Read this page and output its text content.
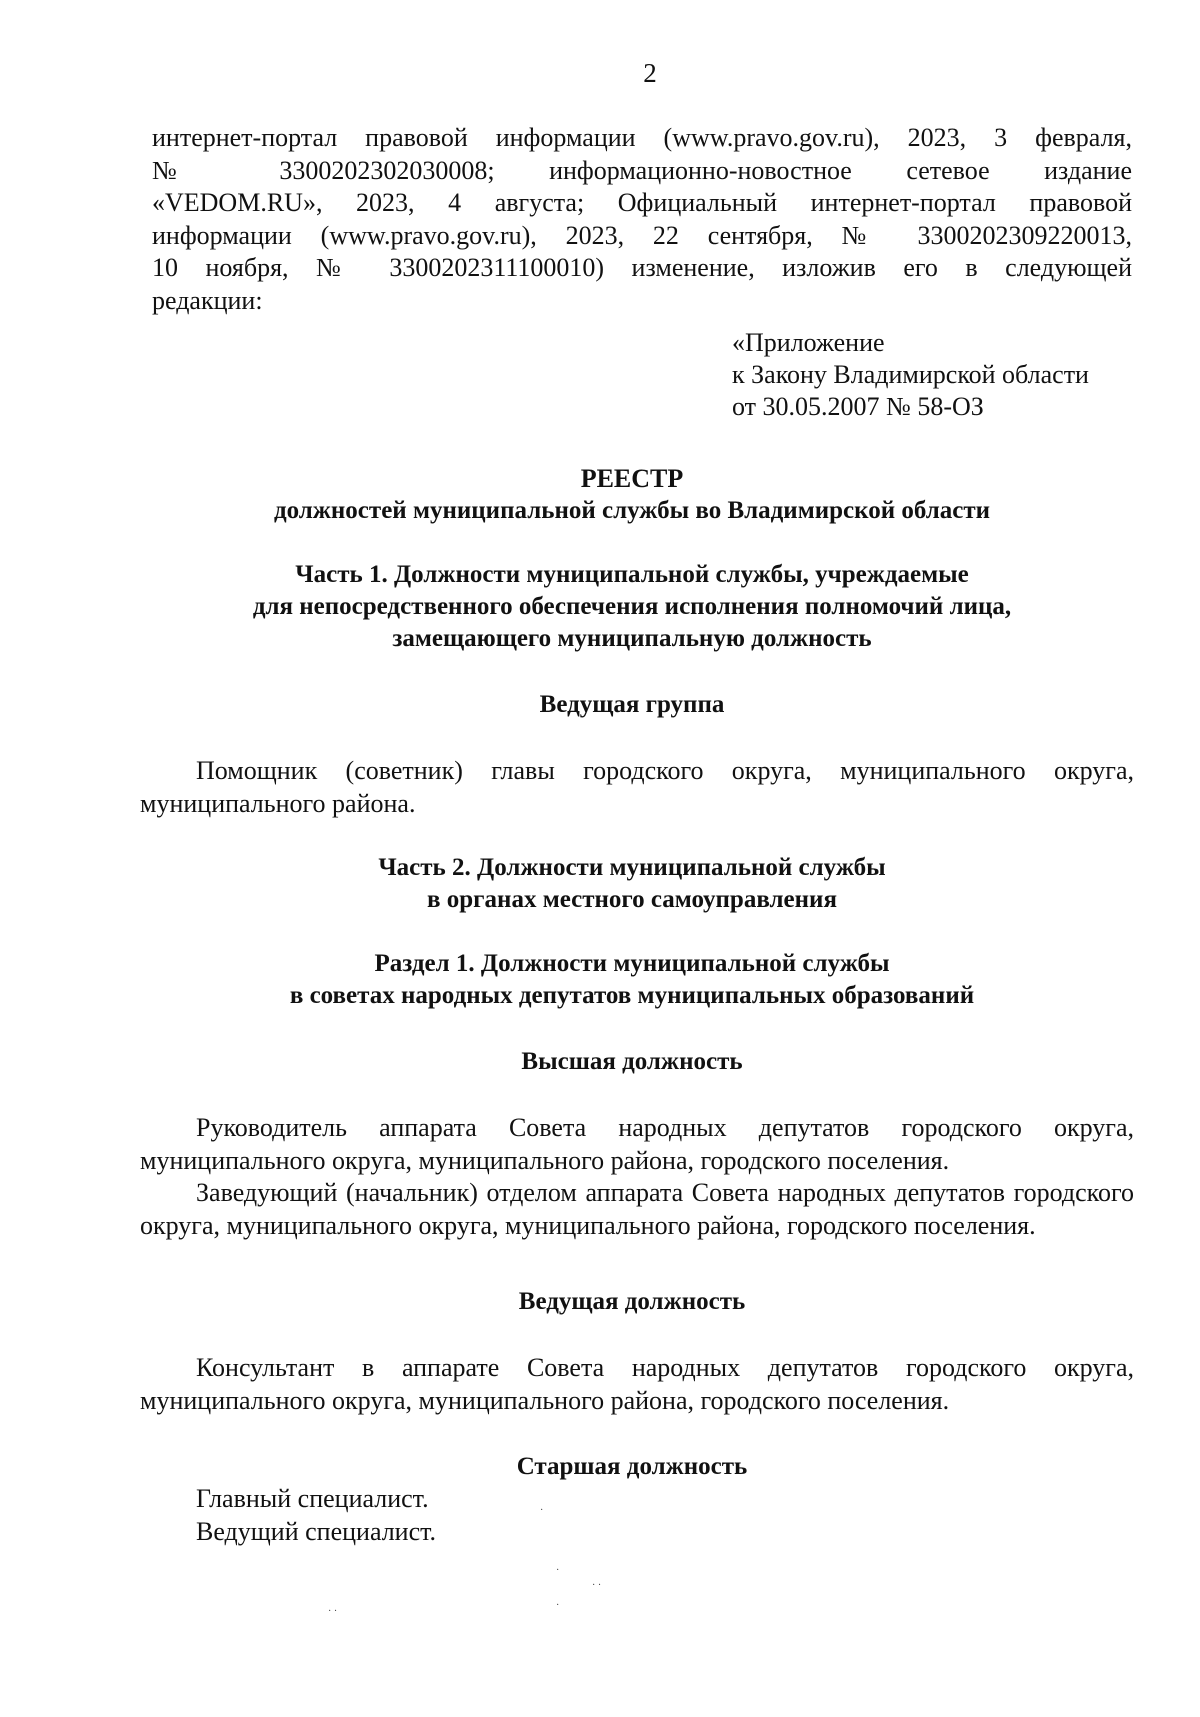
2
интернет-портал правовой информации (www.pravo.gov.ru), 2023, 3 февраля,
№ 3300202302030008; информационно-новостное сетевое издание
«VEDOM.RU», 2023, 4 августа; Официальный интернет-портал правовой
информации (www.pravo.gov.ru), 2023, 22 сентября, № 3300202309220013,
10 ноября, № 3300202311100010) изменение, изложив его в следующей
редакции:
«Приложение
к Закону Владимирской области
от 30.05.2007 № 58-ОЗ
РЕЕСТР
должностей муниципальной службы во Владимирской области
Часть 1. Должности муниципальной службы, учреждаемые
для непосредственного обеспечения исполнения полномочий лица,
замещающего муниципальную должность
Ведущая группа
Помощник (советник) главы городского округа, муниципального округа, муниципального района.
Часть 2. Должности муниципальной службы
в органах местного самоуправления
Раздел 1. Должности муниципальной службы
в советах народных депутатов муниципальных образований
Высшая должность
Руководитель аппарата Совета народных депутатов городского округа, муниципального округа, муниципального района, городского поселения.
Заведующий (начальник) отделом аппарата Совета народных депутатов городского округа, муниципального округа, муниципального района, городского поселения.
Ведущая должность
Консультант в аппарате Совета народных депутатов городского округа, муниципального округа, муниципального района, городского поселения.
Старшая должность
Главный специалист.
Ведущий специалист.
·
·
· ·
·
· ·
